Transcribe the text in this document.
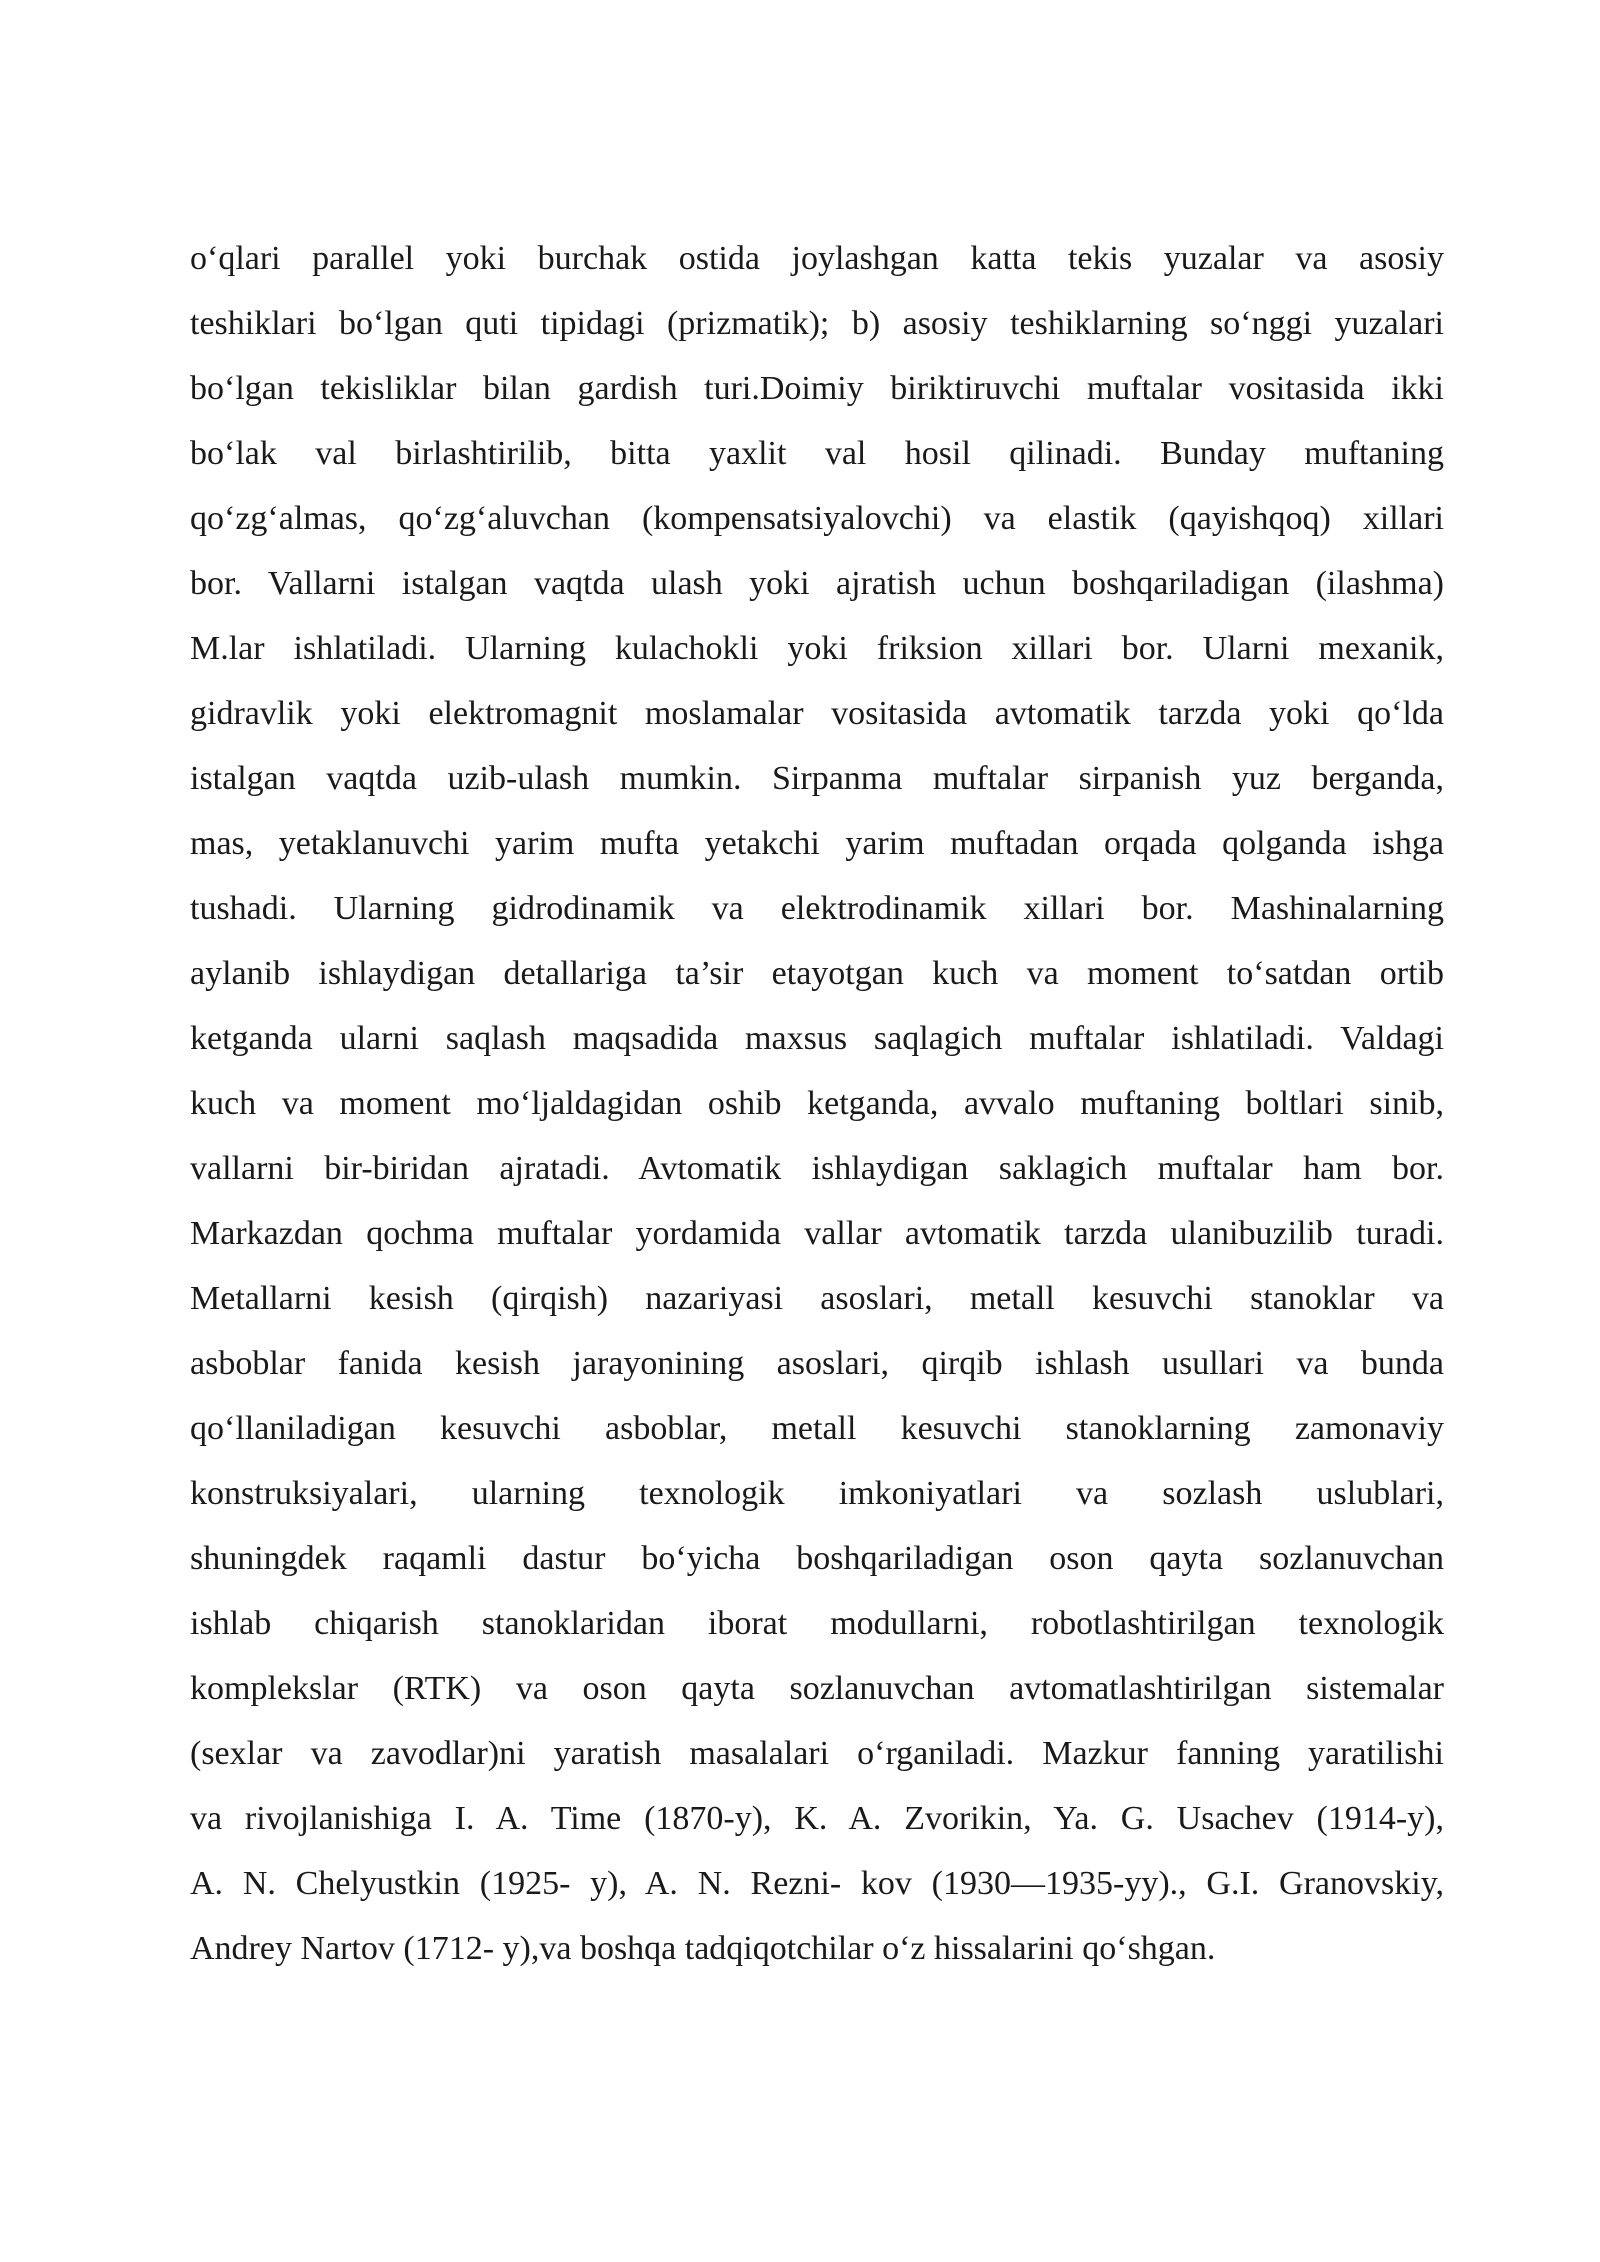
o‘qlari parallel yoki burchak ostida joylashgan katta tekis yuzalar va asosiy
teshiklari bo‘lgan quti tipidagi (prizmatik); b) asosiy teshiklarning so‘nggi yuzalari
bo‘lgan tekisliklar bilan gardish turi.Doimiy biriktiruvchi muftalar vositasida ikki
bo‘lak val birlashtirilib, bitta yaxlit val hosil qilinadi. Bunday muftaning
qo‘zg‘almas, qo‘zg‘aluvchan (kompensatsiyalovchi) va elastik (qayishqoq) xillari
bor. Vallarni istalgan vaqtda ulash yoki ajratish uchun boshqariladigan (ilashma)
M.lar ishlatiladi. Ularning kulachokli yoki friksion xillari bor. Ularni mexanik,
gidravlik yoki elektromagnit moslamalar vositasida avtomatik tarzda yoki qo‘lda
istalgan vaqtda uzib-ulash mumkin. Sirpanma muftalar sirpanish yuz berganda,
mas, yetaklanuvchi yarim mufta yetakchi yarim muftadan orqada qolganda ishga
tushadi. Ularning gidrodinamik va elektrodinamik xillari bor. Mashinalarning
aylanib ishlaydigan detallariga ta’sir etayotgan kuch va moment to‘satdan ortib
ketganda ularni saqlash maqsadida maxsus saqlagich muftalar ishlatiladi. Valdagi
kuch va moment mo‘ljaldagidan oshib ketganda, avvalo muftaning boltlari sinib,
vallarni bir-biridan ajratadi. Avtomatik ishlaydigan saklagich muftalar ham bor.
Markazdan qochma muftalar yordamida vallar avtomatik tarzda ulanibuzilib turadi.
Metallarni kesish (qirqish) nazariyasi asoslari, metall kesuvchi stanoklar va
asboblar fanida kesish jarayonining asoslari, qirqib ishlash usullari va bunda
qo‘llaniladigan kesuvchi asboblar, metall kesuvchi stanoklarning zamonaviy
konstruksiyalari, ularning texnologik imkoniyatlari va sozlash uslublari,
shuningdek raqamli dastur bo‘yicha boshqariladigan oson qayta sozlanuvchan
ishlab chiqarish stanoklaridan iborat modullarni, robotlashtirilgan texnologik
komplekslar (RTK) va oson qayta sozlanuvchan avtomatlashtirilgan sistemalar
(sexlar va zavodlar)ni yaratish masalalari o‘rganiladi. Mazkur fanning yaratilishi
va rivojlanishiga I. A. Time (1870-y), K. A. Zvorikin, Ya. G. Usachev (1914-y),
A. N. Chelyustkin (1925- y), A. N. Rezni- kov (1930—1935-yy)., G.I. Granovskiy,
Andrey Nartov (1712- y),va boshqa tadqiqotchilar o‘z hissalarini qo‘shgan.
